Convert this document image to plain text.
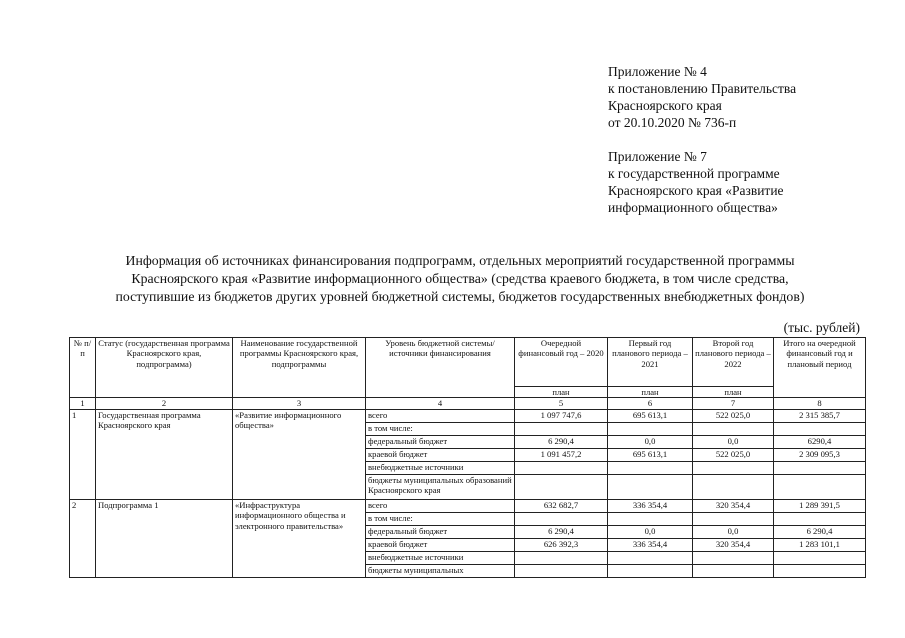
Приложение № 4
к постановлению Правительства
Красноярского края
от 20.10.2020 № 736-п
Приложение № 7
к государственной программе
Красноярского края «Развитие
информационного общества»
Информация об источниках финансирования подпрограмм, отдельных мероприятий государственной программы
Красноярского края «Развитие информационного общества» (средства краевого бюджета, в том числе средства,
поступившие из бюджетов других уровней бюджетной системы, бюджетов государственных внебюджетных фондов)
(тыс. рублей)
№ п/п	Статус (государственная программа Красноярского края, подпрограмма)	Наименование государственной программы Красноярского края, подпрограммы	Уровень бюджетной системы/источники финансирования	Очередной финансовый год – 2020	Первый год планового периода – 2021	Второй год планового периода – 2022	Итого на очередной финансовый год и плановый период
				план	план	план	
1	2	3	4	5	6	7	8
1	Государственная программа Красноярского края	«Развитие информационного общества»	всего	1 097 747,6	695 613,1	522 025,0	2 315 385,7
			в том числе:				
			федеральный бюджет	6 290,4	0,0	0,0	6290,4
			краевой бюджет	1 091 457,2	695 613,1	522 025,0	2 309 095,3
			внебюджетные источники				
			бюджеты муниципальных образований Красноярского края				
2	Подпрограмма 1	«Инфраструктура информационного общества и электронного правительства»	всего	632 682,7	336 354,4	320 354,4	1 289 391,5
			в том числе:				
			федеральный бюджет	6 290,4	0,0	0,0	6 290,4
			краевой бюджет	626 392,3	336 354,4	320 354,4	1 283 101,1
			внебюджетные источники				
			бюджеты муниципальных				
